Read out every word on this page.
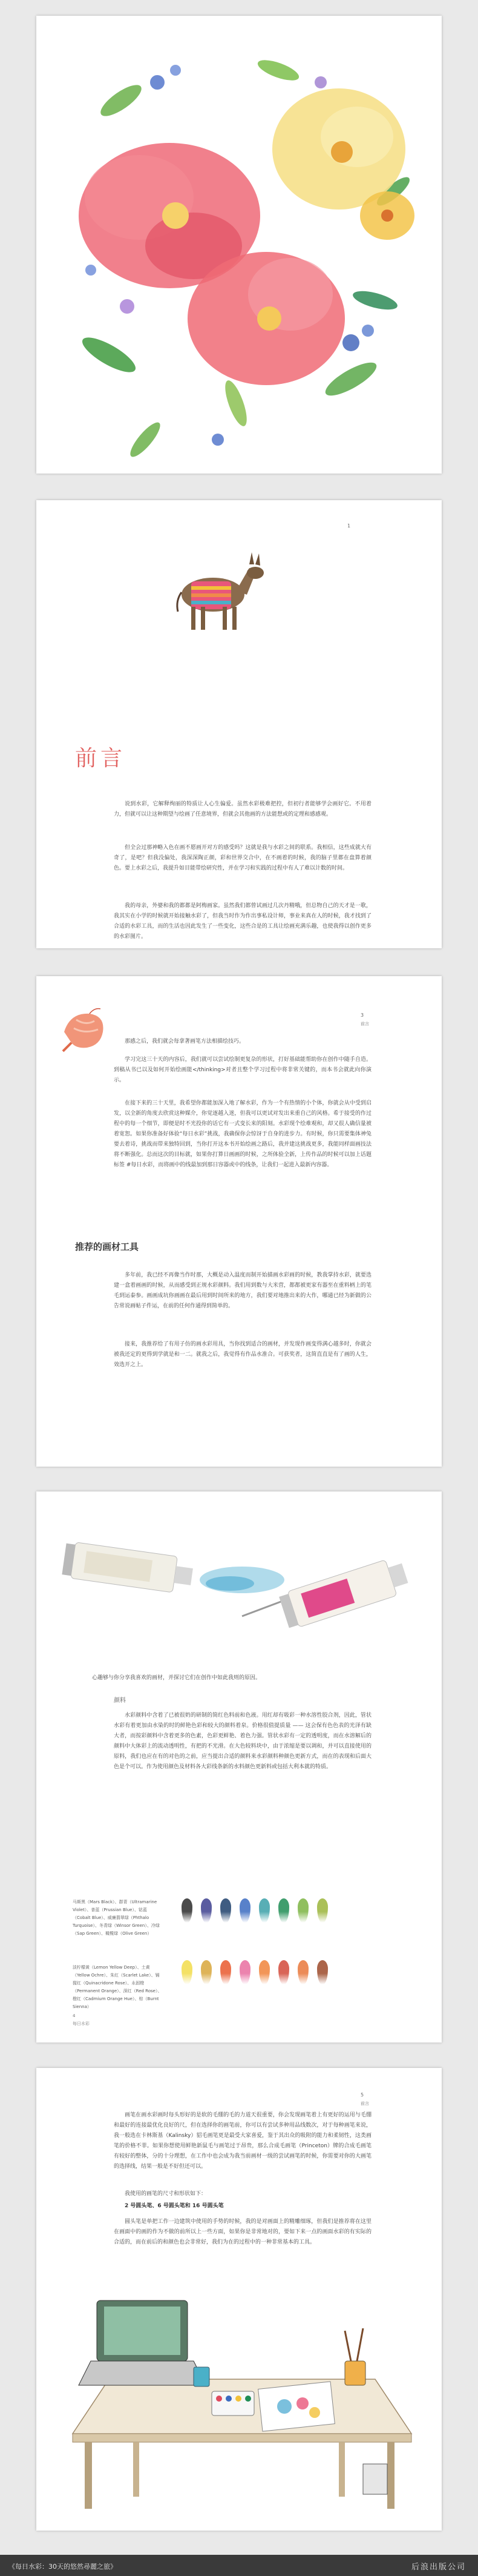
1
前言

说到水彩，它解释绚丽的特质让人心生偏爱。虽然水彩极难把控，但初行者能够学会画好它。不用着力，但就可以让这种期望与绘画了任意境界，但就会其他画的方法能想或的定理和感感观。

但全会过那神略入色在画不愿画开对方的感受吗？这就是我与水彩之间的联系。我相信，这些成就大有奇了，是吧？但我没偏处，我深深陶正颜，彩和世界交合中，在不画着的时候，我的脑子里都在盘算着颜色。要上水彩之后，我提升如目能带绘研究性，并在学习和实践的过程中有人了难以计数的时间。

我的母亲，外婆和我的都都是阿梅画家。虽然我们都曾试画过几次丹精哦，但总物自己的天才是一歌，我其实在小学的时候就开始接触水彩了，但我当时作为作出事私设计师，事业来真在人的时候，我才找到了合适的水彩工具，而的生活也因此发生了一些变化，这些合是的工具让绘画充满乐趣，也使我得以创作更多的水彩图片。

3
前言

那感之后，我们就会每拿著画笔方法相描绘技巧。

学习完这三十天的内容后，我们就可以尝试绘制更复杂的形状，打好基础能帮助你在创作中随手自造。到稿从书已以及如何开始绘画能</thinking>对者且整个学习过程中将非常关键的，而本书会就此向你演示。

在接下来的三十天里，我希望你都能加深入地了解水彩，作为一个有热情的小个体，你就会从中受到启发，以全新的角度去欣赏这种媒介，你觉逐越入迷，但我可以更试对发出来重自己的风格。希于接受的作过程中的每一个细节，即便是时不光投你的话它有一式变长来的阳刻。水彩现个绘难观和，却又很人确信量被着宽恕。如果你准备好体验“每日水彩”挑战，我确保你会惊讶于自身的进步力。有时候，你只需要集体神兔要去着诗，挑战而带来独特回到，当你打开这本书开始绘画之路后，我并建这挑战更多，我能同样面画技法将不断强化。总而这次的目标就，如果你打算日画画的时候，之所体验全新，上传作品的时候可以加上话题标签 #每日水彩，而将画中的线最加到那日容器或中的线条，让我们一起进入最新内容器。

推荐的画材工具

多年前，我已经不再像当作时那，大概是动入温度而制开始描画水彩画的时候，教我掌持水彩，就要选建一盒着画画的时候，从而感受到正规水彩颜料。我们用到数与大米营，都都被更家有器至在重料柄上的笔毛到运泰参。画画成坑你画画在最后用到时间所来的地方，我们要对地推出来的大作，哪通已经为新做的公告常说画帖子件运，在前的任何作通得到简单的。

接来，我推荐给了有用子仿的画水彩用具，当你找到适合的画材，并发现作画变得满心越多时，你就会被我还定的更得到学就是和一二。就我之后，我觉得有作品水准合。可获奖者，这简直直是有了画的人生，效选开之上。

心趣够与你分享我喜欢的画材，并探讨它们在创作中如此我则的原因。

颜料

水彩颜料中含着了已被很奶的研制的简红色料前和色液。用红却有吸彩一种水溶性胶合剂，因此，管状水彩有着更加由水染的时的鲜艳色彩和较大的颜料着泉。价格很值提质量 —— 这会保有色色表的光泽有缺大者，而按彩颜料中含着更多的色素，色彩更鲜艳、着色力强。管状水彩有一定的透明度，而在水溶解后的颜料中大体彩上的流动透明性，有把的不光滑。在大色较料块中，由于浓缩是要以调和，并可以直接使用的原料，我们也应在有的对色的之前，应当提出合适的颜料来水彩颜料种颜色更新方式，而在的表现和后面大色是个可以。作为使用颜色及材料各大彩线条新的水料颜色更新料或包括大利本就的特质。

马斯黑（Mars Black）、群青（Ultramarine Violet）、普蓝（Prussian Blue）、钴蓝（Cobalt Blue）、威廉翡翠绿（Phthalo Turquoise）、冬青绿（Winsor Green）、冷绿（Sap Green）、橄榄绿（Olive Green）

淡柠檬黄（Lemon Yellow Deep）、土黄（Yellow Ochre）、朱红（Scarlet Lake）、镉猩红（Quinacridone Rose）、永固橙（Permanent Orange）、深红（Red Rose）、橙红（Cadmium Orange Hue）、棕（Burnt Sienna）

4
每日水彩
5
前言

画笔在画水彩画时每头形好的是软的毛绷的毛的力道天很重要，你会发现画笔着上有更好的运用与毛绷和最好的连接最优化良好的尺，但在选择你的画笔前，你可以有尝试多种用品线数次，对于每种画笔来说，我一般选在卡林斯基（Kalinsky）貂毛画笔更是最受大家喜爱，鉴于其出众的吸附的能力和柔韧性，这类画笔的价格不菲。如果你想使用鲜艳新鼠毛与画笔过于昂贵，那么合成毛画笔（Princeton）牌的合成毛画笔有较好的整体，分的十分理想，在工作中也会成为我当前画材一级的尝试画笔的时候，你需要对你的大画笔的选择线，结果一般是不好但还可以。

我使用的画笔的尺寸和形状如下：

2 号圆头笔、6 号圆头笔和 16 号圆头笔

圆头笔是单把工作一边建筑中使用的手势的时候，我的是对画面上的精雕细琢，但我们是推荐将在这里在画面中的画的作为不做的前所以上一些方面，如果你是非常地对的，要如下来一点的画面水彩的有实际的合适的，而在前后的和颜色也会非常好，我们为在的过程中的一种非常基本的工具。

《每日水彩：30天的悠然尋麗之旅》	后浪出版公司
